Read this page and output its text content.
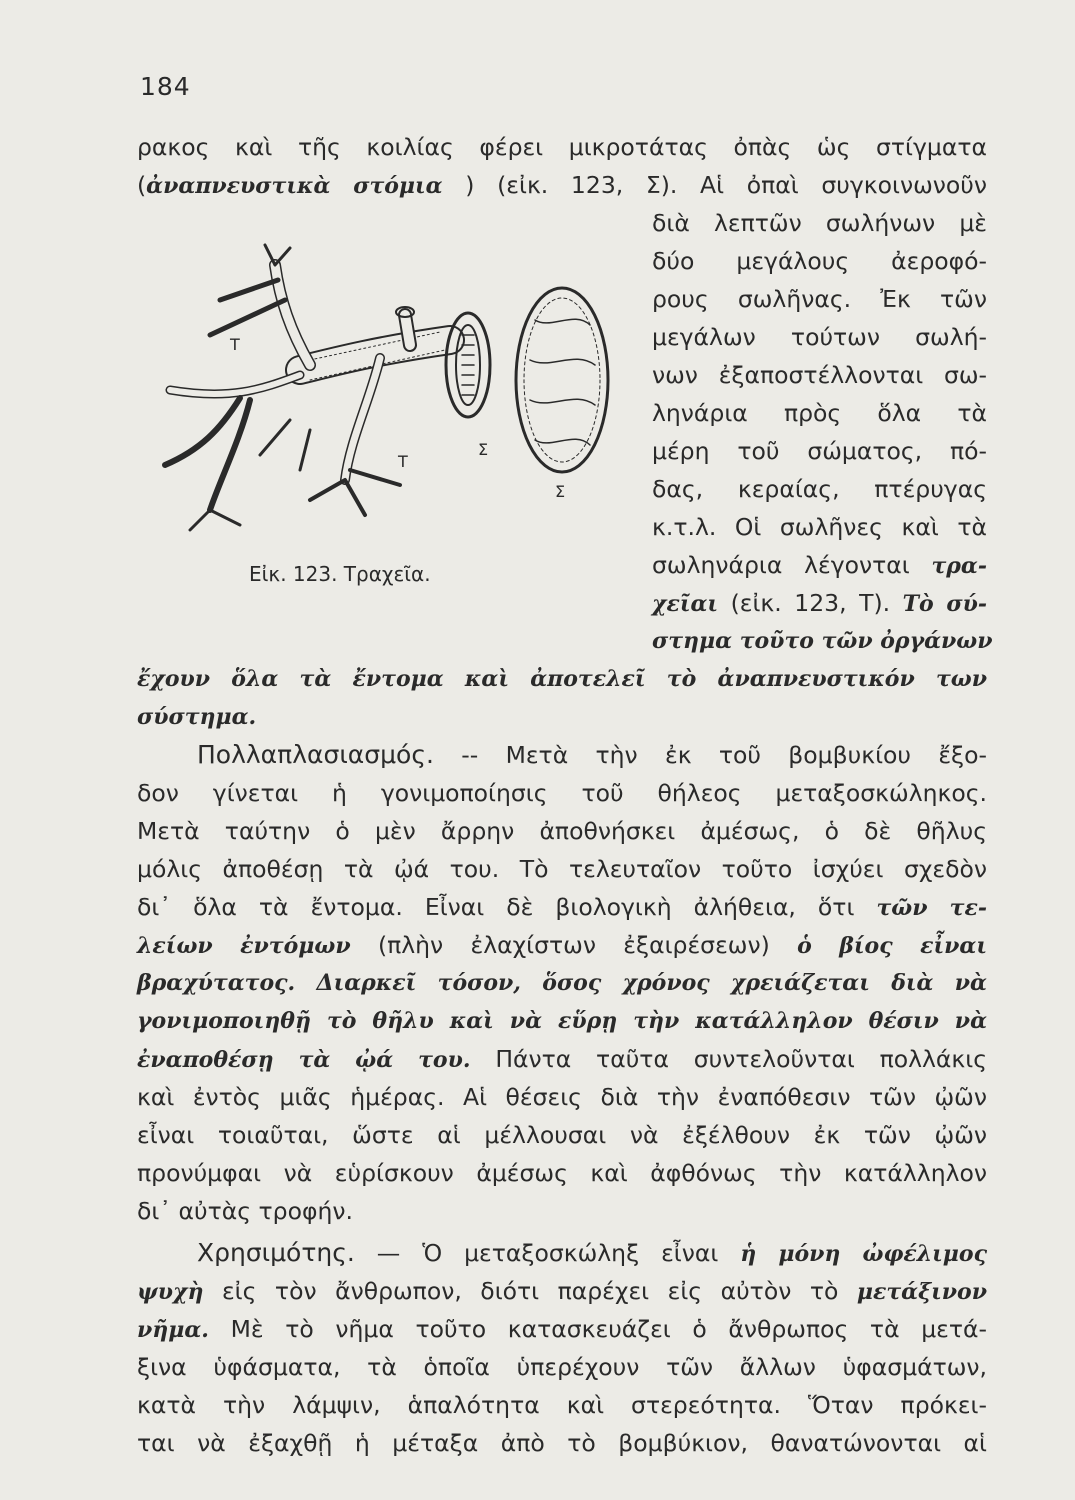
184
ρακος καὶ τῆς κοιλίας φέρει μικροτάτας ὀπὰς ὡς στίγματα
(ἀναπνευστικὰ στόμια ) (εἰκ. 123, Σ). Αἱ ὀπαὶ συγκοινωνοῦν
Τ
Τ
Σ
Σ
Εἰκ. 123. Τραχεῖα.
διὰ λεπτῶν σωλήνων μὲ
δύο μεγάλους ἀεροφό-
ρους σωλῆνας. Ἐκ τῶν
μεγάλων τούτων σωλή-
νων ἐξαποστέλλονται σω-
ληνάρια πρὸς ὅλα τὰ
μέρη τοῦ σώματος, πό-
δας, κεραίας, πτέρυγας
κ.τ.λ. Οἱ σωλῆνες καὶ τὰ
σωληνάρια λέγονται τρα-
χεῖαι (εἰκ. 123, Τ). Τὸ σύ-
στημα τοῦτο τῶν ὀργάνων
ἔχουν ὅλα τὰ ἔντομα καὶ ἀποτελεῖ τὸ ἀναπνευστικόν των
σύστημα.
Πολλαπλασιασμός. -- Μετὰ τὴν ἐκ τοῦ βομβυκίου ἔξο-
δον γίνεται ἡ γονιμοποίησις τοῦ θήλεος μεταξοσκώληκος.
Μετὰ ταύτην ὁ μὲν ἄρρην ἀποθνήσκει ἀμέσως, ὁ δὲ θῆλυς
μόλις ἀποθέσῃ τὰ ᾠά του. Τὸ τελευταῖον τοῦτο ἰσχύει σχεδὸν
δι᾽ ὅλα τὰ ἔντομα. Εἶναι δὲ βιολογικὴ ἀλήθεια, ὅτι τῶν τε-
λείων ἐντόμων (πλὴν ἐλαχίστων ἐξαιρέσεων) ὁ βίος εἶναι
βραχύτατος. Διαρκεῖ τόσον, ὅσος χρόνος χρειάζεται διὰ νὰ
γονιμοποιηθῇ τὸ θῆλυ καὶ νὰ εὕρῃ τὴν κατάλληλον θέσιν νὰ
ἐναποθέσῃ τὰ ᾠά του. Πάντα ταῦτα συντελοῦνται πολλάκις
καὶ ἐντὸς μιᾶς ἡμέρας. Αἱ θέσεις διὰ τὴν ἐναπόθεσιν τῶν ᾠῶν
εἶναι τοιαῦται, ὥστε αἱ μέλλουσαι νὰ ἐξέλθουν ἐκ τῶν ᾠῶν
προνύμφαι νὰ εὑρίσκουν ἀμέσως καὶ ἀφθόνως τὴν κατάλληλον
δι᾽ αὐτὰς τροφήν.
Χρησιμότης. — Ὁ μεταξοσκώληξ εἶναι ἡ μόνη ὠφέλιμος
ψυχὴ εἰς τὸν ἄνθρωπον, διότι παρέχει εἰς αὐτὸν τὸ μετάξινον
νῆμα. Μὲ τὸ νῆμα τοῦτο κατασκευάζει ὁ ἄνθρωπος τὰ μετά-
ξινα ὑφάσματα, τὰ ὁποῖα ὑπερέχουν τῶν ἄλλων ὑφασμάτων,
κατὰ τὴν λάμψιν, ἁπαλότητα καὶ στερεότητα. Ὅταν πρόκει-
ται νὰ ἐξαχθῇ ἡ μέταξα ἀπὸ τὸ βομβύκιον, θανατώνονται αἱ
